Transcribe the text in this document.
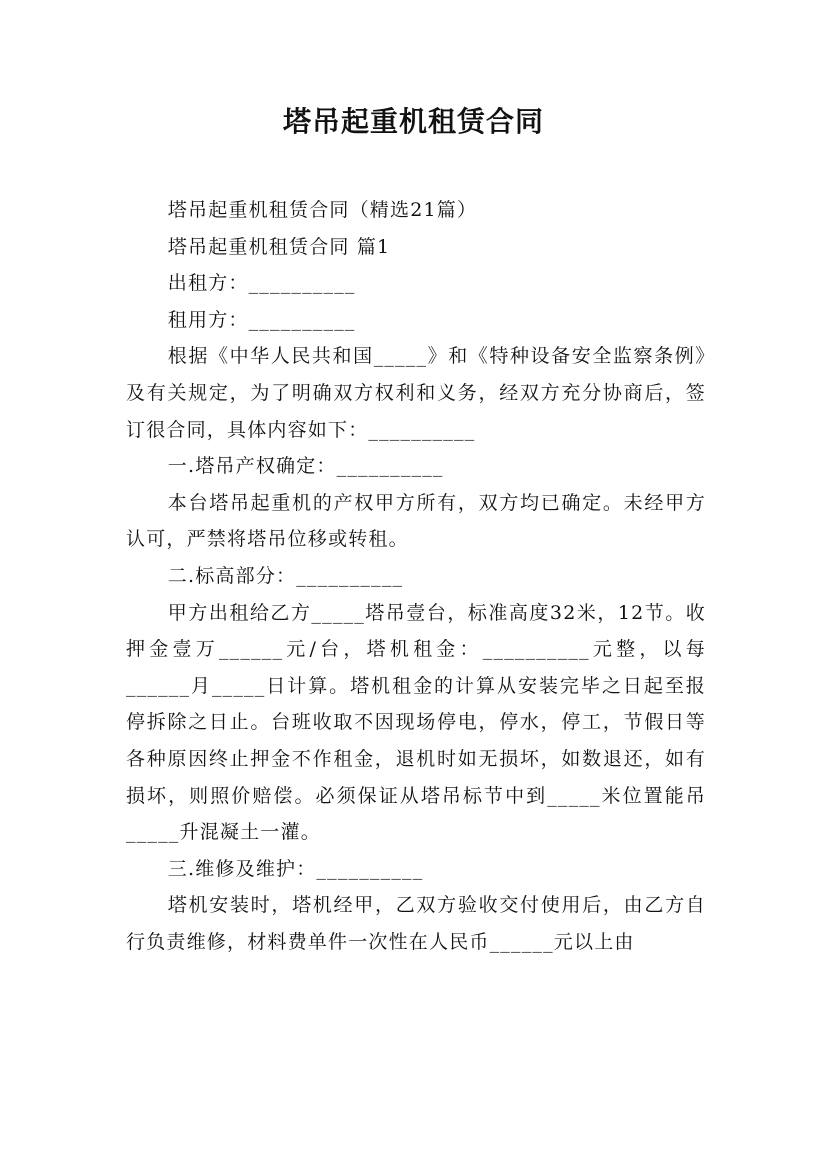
塔吊起重机租赁合同

塔吊起重机租赁合同（精选21篇）

塔吊起重机租赁合同 篇1

出租方：__________

租用方：__________

根据《中华人民共和国_____》和《特种设备安全监察条例》及有关规定，为了明确双方权利和义务，经双方充分协商后，签订很合同，具体内容如下：__________

一.塔吊产权确定：__________

本台塔吊起重机的产权甲方所有，双方均已确定。未经甲方认可，严禁将塔吊位移或转租。

二.标高部分：__________

甲方出租给乙方_____塔吊壹台，标准高度32米，12节。收押金壹万______元/台，塔机租金：__________元整，以每______月_____日计算。塔机租金的计算从安装完毕之日起至报停拆除之日止。台班收取不因现场停电，停水，停工，节假日等各种原因终止押金不作租金，退机时如无损坏，如数退还，如有损坏，则照价赔偿。必须保证从塔吊标节中到_____米位置能吊_____升混凝土一灌。

三.维修及维护：__________

塔机安装时，塔机经甲，乙双方验收交付使用后，由乙方自行负责维修，材料费单件一次性在人民币______元以上由
